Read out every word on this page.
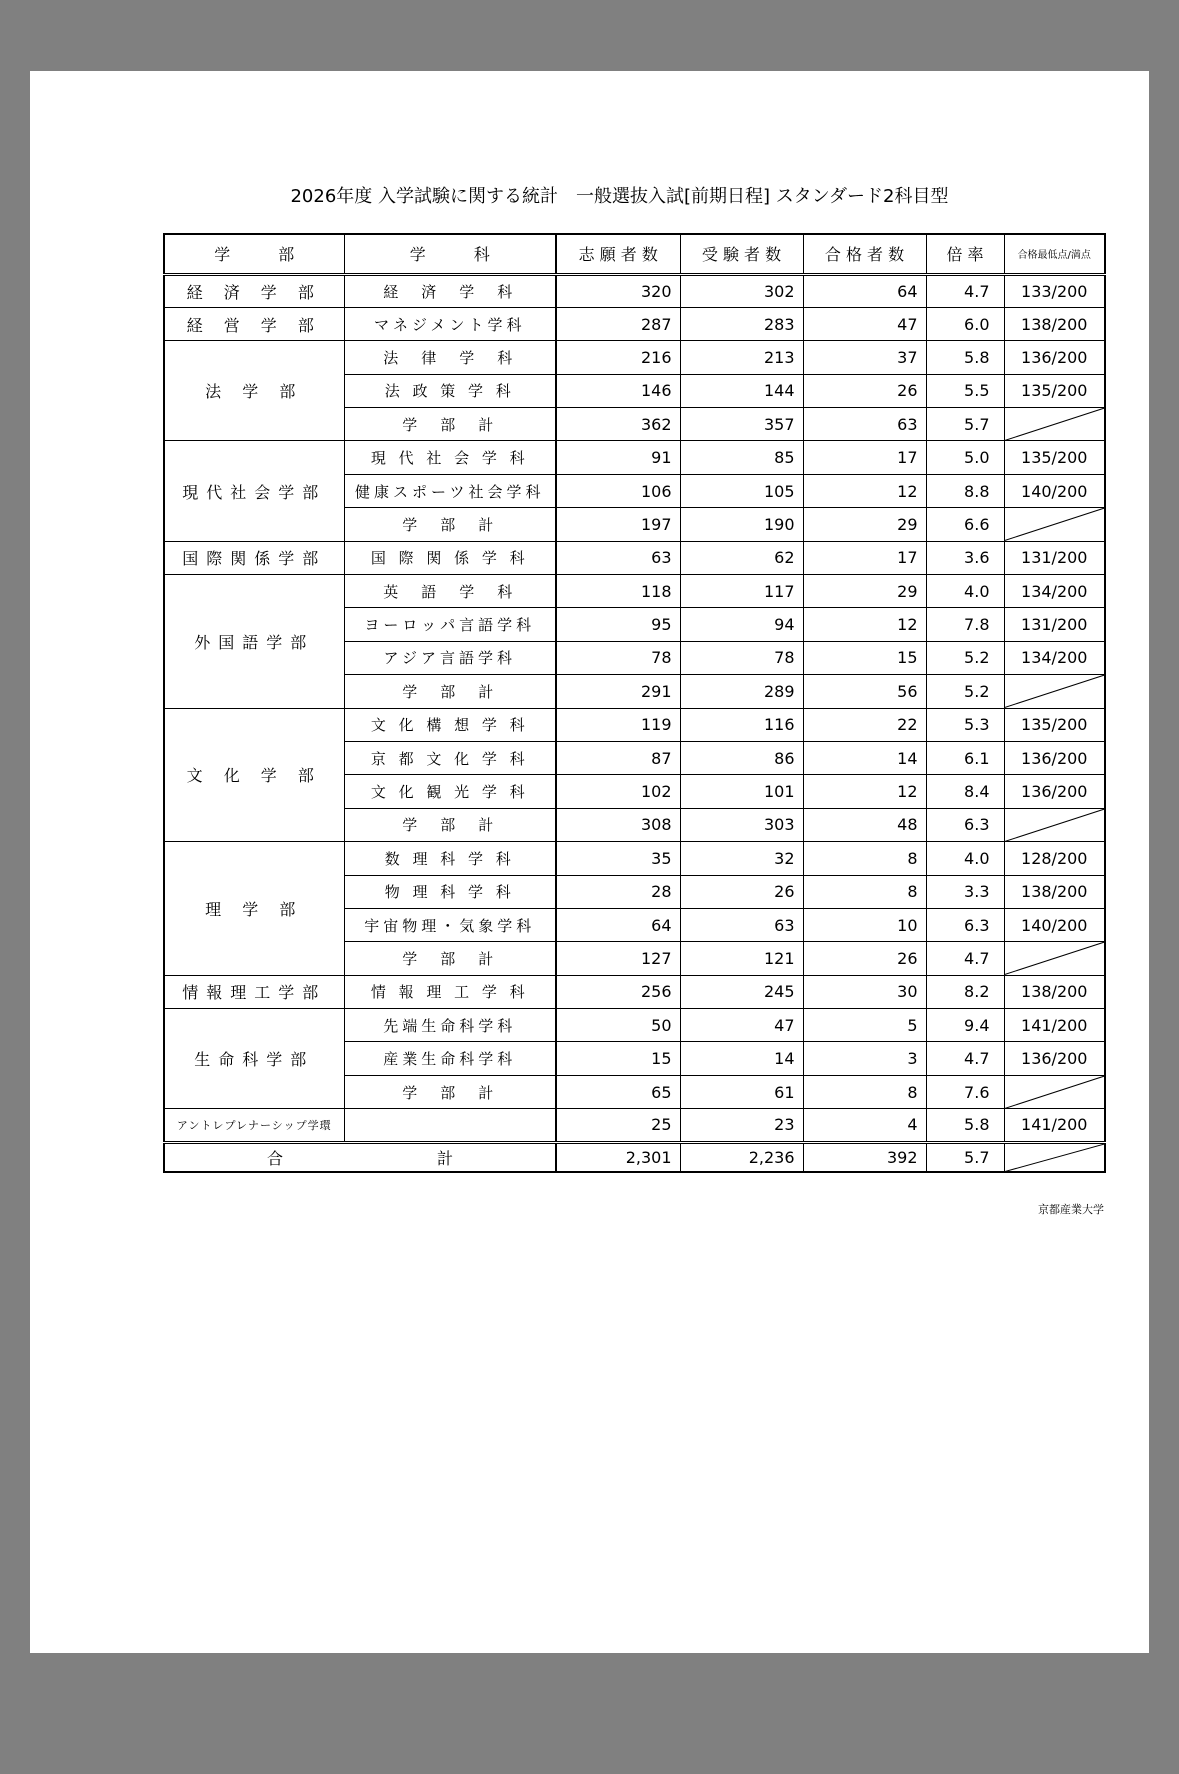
2026年度 入学試験に関する統計　一般選抜入試[前期日程] スタンダード2科目型
学　　　部	学　　　科	志 願 者 数	受 験 者 数	合 格 者 数	倍 率	合格最低点/満点
経 済 学 部	経　済　学　科	320	302	64	4.7	133/200
経 営 学 部	マネジメント学科	287	283	47	6.0	138/200
法 学 部	法　律　学　科	216	213	37	5.8	136/200
	法 政 策 学 科	146	144	26	5.5	135/200
	学　部　計	362	357	63	5.7	

現代社会学部	現 代 社 会 学 科	91	85	17	5.0	135/200
	健康スポーツ社会学科	106	105	12	8.8	140/200
	学　部　計	197	190	29	6.6	

国際関係学部	国 際 関 係 学 科	63	62	17	3.6	131/200
外国語学部	英　語　学　科	118	117	29	4.0	134/200
	ヨーロッパ言語学科	95	94	12	7.8	131/200
	アジア言語学科	78	78	15	5.2	134/200
	学　部　計	291	289	56	5.2	

文 化 学 部	文 化 構 想 学 科	119	116	22	5.3	135/200
	京 都 文 化 学 科	87	86	14	6.1	136/200
	文 化 観 光 学 科	102	101	12	8.4	136/200
	学　部　計	308	303	48	6.3	

理 学 部	数 理 科 学 科	35	32	8	4.0	128/200
	物 理 科 学 科	28	26	8	3.3	138/200
	宇宙物理・気象学科	64	63	10	6.3	140/200
	学　部　計	127	121	26	4.7	

情報理工学部	情 報 理 工 学 科	256	245	30	8.2	138/200
生命科学部	先端生命科学科	50	47	5	9.4	141/200
	産業生命科学科	15	14	3	4.7	136/200
	学　部　計	65	61	8	7.6	

アントレプレナーシップ学環		25	23	4	5.8	141/200
合 計		2,301	2,236	392	5.7	
京都産業大学
